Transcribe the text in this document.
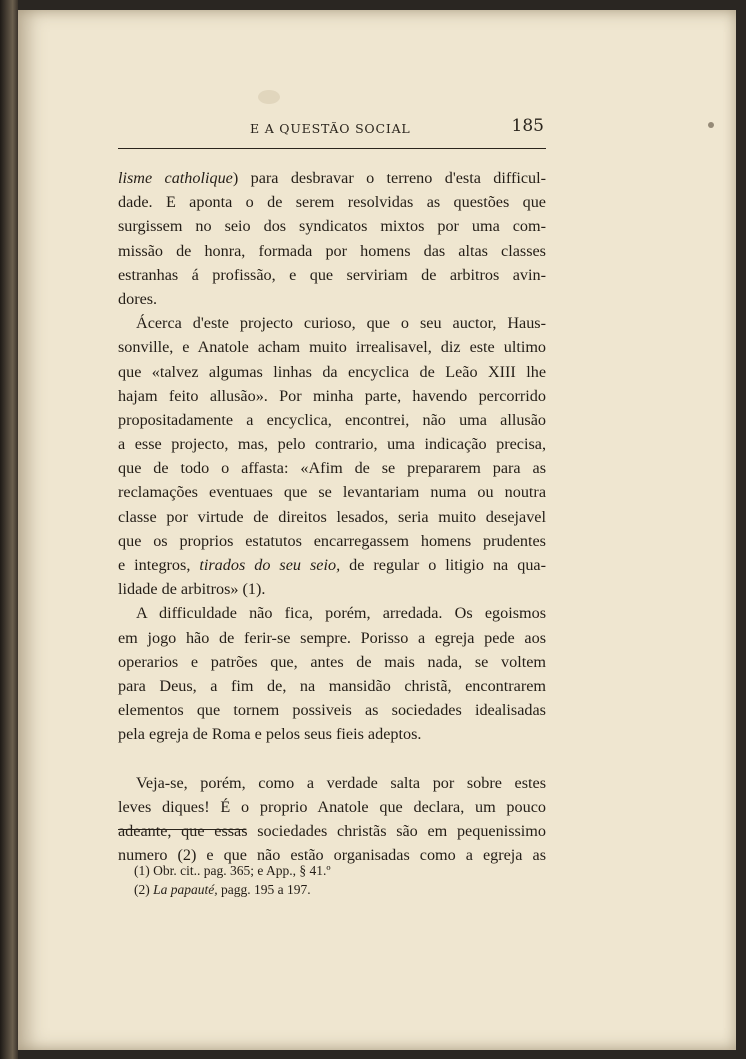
E A QUESTÃO SOCIAL	185
lisme catholique) para desbravar o terreno d'esta difficul-
dade. E aponta o de serem resolvidas as questões que
surgissem no seio dos syndicatos mixtos por uma com-
missão de honra, formada por homens das altas classes
estranhas á profissão, e que serviriam de arbitros avin-
dores.
Ácerca d'este projecto curioso, que o seu auctor, Haus-
sonville, e Anatole acham muito irrealisavel, diz este ultimo
que «talvez algumas linhas da encyclica de Leão XIII lhe
hajam feito allusão». Por minha parte, havendo percorrido
propositadamente a encyclica, encontrei, não uma allusão
a esse projecto, mas, pelo contrario, uma indicação precisa,
que de todo o affasta: «Afim de se prepararem para as
reclamações eventuaes que se levantariam numa ou noutra
classe por virtude de direitos lesados, seria muito desejavel
que os proprios estatutos encarregassem homens prudentes
e integros, tirados do seu seio, de regular o litigio na qua-
lidade de arbitros» (1).
A difficuldade não fica, porém, arredada. Os egoismos
em jogo hão de ferir-se sempre. Porisso a egreja pede aos
operarios e patrões que, antes de mais nada, se voltem
para Deus, a fim de, na mansidão christã, encontrarem
elementos que tornem possiveis as sociedades idealisadas
pela egreja de Roma e pelos seus fieis adeptos.
Veja-se, porém, como a verdade salta por sobre estes
leves diques! É o proprio Anatole que declara, um pouco
adeante, que essas sociedades christãs são em pequenissimo
numero (2) e que não estão organisadas como a egreja as
(1) Obr. cit.. pag. 365; e App., § 41.º
(2) La papauté, pagg. 195 a 197.
